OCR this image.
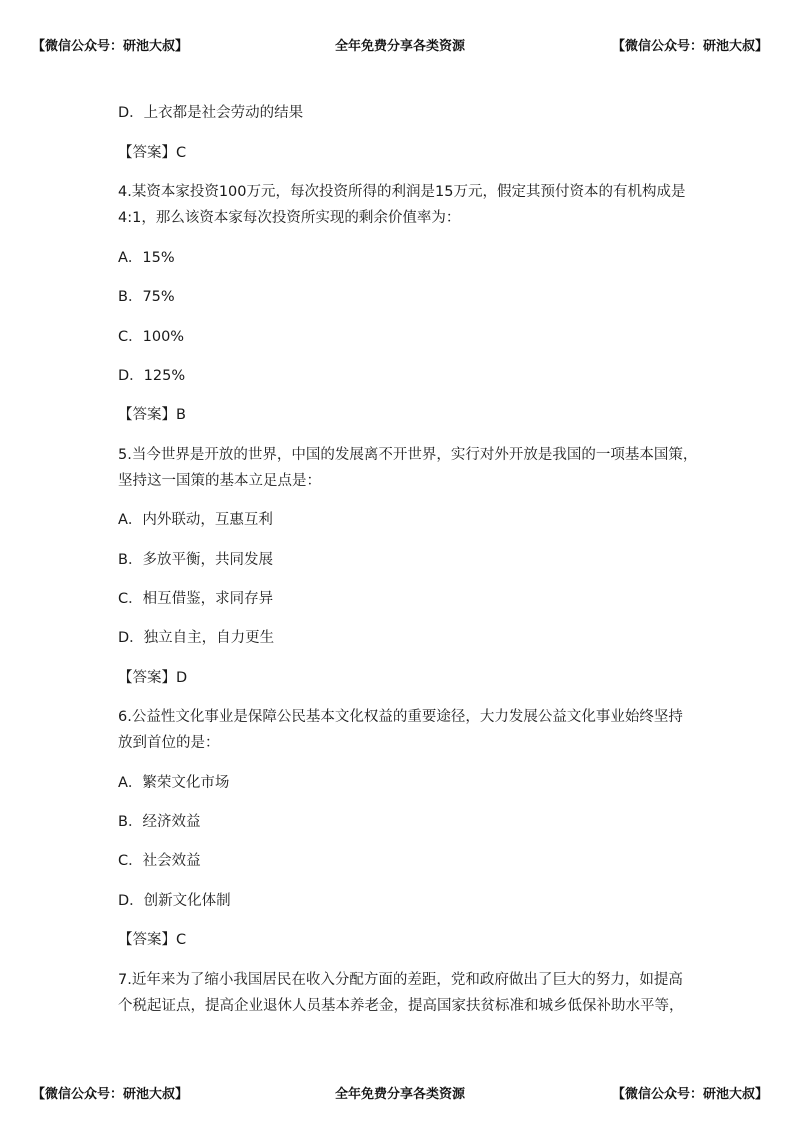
【微信公众号：研池大叔】	全年免费分享各类资源	【微信公众号：研池大叔】
D．上衣都是社会劳动的结果
【答案】C
4.某资本家投资100万元，每次投资所得的利润是15万元，假定其预付资本的有机构成是
4:1，那么该资本家每次投资所实现的剩余价值率为：
A．15%
B．75%
C．100%
D．125%
【答案】B
5.当今世界是开放的世界，中国的发展离不开世界，实行对外开放是我国的一项基本国策，
坚持这一国策的基本立足点是：
A．内外联动，互惠互利
B．多放平衡，共同发展
C．相互借鉴，求同存异
D．独立自主，自力更生
【答案】D
6.公益性文化事业是保障公民基本文化权益的重要途径，大力发展公益文化事业始终坚持
放到首位的是：
A．繁荣文化市场
B．经济效益
C．社会效益
D．创新文化体制
【答案】C
7.近年来为了缩小我国居民在收入分配方面的差距，党和政府做出了巨大的努力，如提高
个税起证点，提高企业退休人员基本养老金，提高国家扶贫标准和城乡低保补助水平等，
【微信公众号：研池大叔】	全年免费分享各类资源	【微信公众号：研池大叔】
